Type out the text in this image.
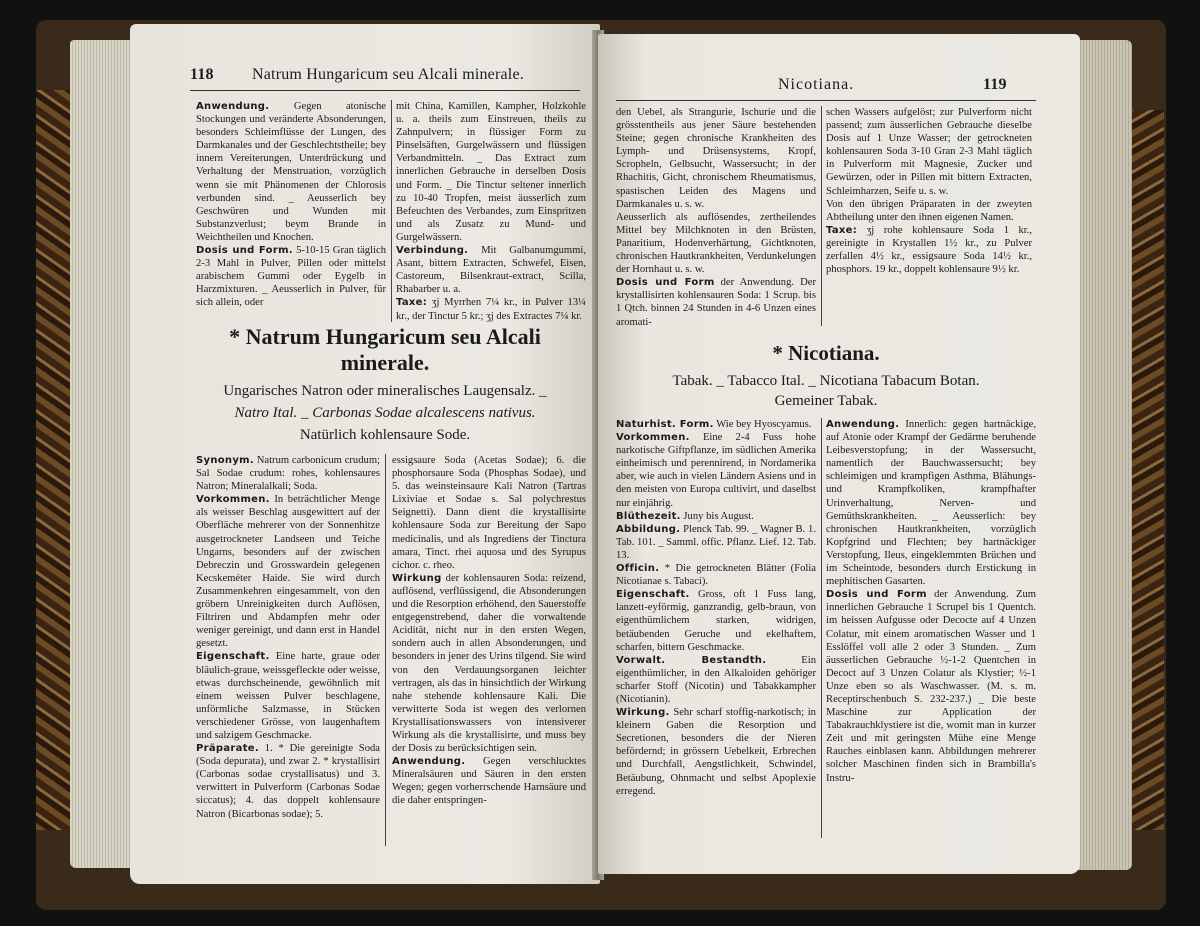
118 Natrum Hungaricum seu Alcali minerale.

Anwendung. Gegen atonische Stockungen und veränderte Absonderungen, besonders Schleimflüsse der Lungen, des Darmkanales und der Geschlechtstheile; bey innern Vereiterungen, Unterdrückung und Verhaltung der Menstruation, vorzüglich wenn sie mit Phänomenen der Chlorosis verbunden sind. _ Aeusserlich bey Geschwüren und Wunden mit Substanzverlust; beym Brande in Weichtheilen und Knochen.

Dosis und Form. 5-10-15 Gran täglich 2-3 Mahl in Pulver, Pillen oder mittelst arabischem Gummi oder Eygelb in Harzmixturen. _ Aeusserlich in Pulver, für sich allein, oder

mit China, Kamillen, Kampher, Holzkohle u. a. theils zum Einstreuen, theils zu Zahnpulvern; in flüssiger Form zu Pinselsäften, Gurgelwässern und flüssigen Verbandmitteln. _ Das Extract zum innerlichen Gebrauche in derselben Dosis und Form. _ Die Tinctur seltener innerlich zu 10-40 Tropfen, meist äusserlich zum Befeuchten des Verbandes, zum Einspritzen und als Zusatz zu Mund- und Gurgelwässern.

Verbindung. Mit Galbanumgummi, Asant, bittern Extracten, Schwefel, Eisen, Castoreum, Bilsenkraut-extract, Scilla, Rhabarber u. a.

Taxe: ʒj Myrrhen 7¼ kr., in Pulver 13¼ kr., der Tinctur 5 kr.; ʒj des Extractes 7¼ kr.

* Natrum Hungaricum seu Alcali minerale.
Ungarisches Natron oder mineralisches Laugensalz. _
Natro Ital. _ Carbonas Sodae alcalescens nativus.
Natürlich kohlensaure Sode.

Synonym. Natrum carbonicum crudum; Sal Sodae crudum: rohes, kohlensaures Natron; Mineralalkali; Soda.

Vorkommen. In beträchtlicher Menge als weisser Beschlag ausgewittert auf der Oberfläche mehrerer von der Sonnenhitze ausgetrockneter Landseen und Teiche Ungarns, besonders auf der zwischen Debreczin und Grosswardein gelegenen Kecskeméter Haide. Sie wird durch Zusammenkehren eingesammelt, von den gröbern Unreinigkeiten durch Auflösen, Filtriren und Abdampfen mehr oder weniger gereinigt, und dann erst in Handel gesetzt.

Eigenschaft. Eine harte, graue oder bläulich-graue, weissgefleckte oder weisse, etwas durchscheinende, gewöhnlich mit einem weissen Pulver beschlagene, unförmliche Salzmasse, in Stücken verschiedener Grösse, von laugenhaftem und salzigem Geschmacke.

Präparate. 1. * Die gereinigte Soda (Soda depurata), und zwar 2. * krystallisirt (Carbonas sodae crystallisatus) und 3. verwittert in Pulverform (Carbonas Sodae siccatus); 4. das doppelt kohlensaure Natron (Bicarbonas sodae); 5.

essigsaure Soda (Acetas Sodae); 6. die phosphorsaure Soda (Phosphas Sodae), und 5. das weinsteinsaure Kali Natron (Tartras Lixiviae et Sodae s. Sal polychrestus Seignetti). Dann dient die krystallisirte kohlensaure Soda zur Bereitung der Sapo medicinalis, und als Ingrediens der Tinctura amara, Tinct. rhei aquosa und des Syrupus cichor. c. rheo.

Wirkung der kohlensauren Soda: reizend, auflösend, verflüssigend, die Absonderungen und die Resorption erhöhend, den Sauerstoffe entgegenstrebend, daher die vorwaltende Acidität, nicht nur in den ersten Wegen, sondern auch in allen Absonderungen, und besonders in jener des Urins tilgend. Sie wird von den Verdauungsorganen leichter vertragen, als das in hinsichtlich der Wirkung nahe stehende kohlensaure Kali. Die verwitterte Soda ist wegen des verlornen Krystallisationswassers von intensiverer Wirkung als die krystallisirte, und muss bey der Dosis zu berücksichtigen sein.

Anwendung. Gegen verschlucktes Mineralsäuren und Säuren in den ersten Wegen; gegen vorherrschende Harnsäure und die daher entspringen-

Nicotiana.	119

den Uebel, als Strangurie, Ischurie und die grösstentheils aus jener Säure bestehenden Steine; gegen chronische Krankheiten des Lymph- und Drüsensystems, Kropf, Scropheln, Gelbsucht, Wassersucht; in der Rhachitis, Gicht, chronischem Rheumatismus, spastischen Leiden des Magens und Darmkanales u. s. w.

Aeusserlich als auflösendes, zertheilendes Mittel bey Milchknoten in den Brüsten, Panaritium, Hodenverhärtung, Gichtknoten, chronischen Hautkrankheiten, Verdunkelungen der Hornhaut u. s. w.

Dosis und Form der Anwendung. Der krystallisirten kohlensauren Soda: 1 Scrup. bis 1 Qtch. binnen 24 Stunden in 4-6 Unzen eines aromati-

schen Wassers aufgelöst; zur Pulverform nicht passend; zum äusserlichen Gebrauche dieselbe Dosis auf 1 Unze Wasser; der getrockneten kohlensauren Soda 3-10 Gran 2-3 Mahl täglich in Pulverform mit Magnesie, Zucker und Gewürzen, oder in Pillen mit bittern Extracten, Schleimharzen, Seife u. s. w.

Von den übrigen Präparaten in der zweyten Abtheilung unter den ihnen eigenen Namen.

Taxe: ʒj rohe kohlensaure Soda 1 kr., gereinigte in Krystallen 1½ kr., zu Pulver zerfallen 4½ kr., essigsaure Soda 14½ kr., phosphors. 19 kr., doppelt kohlensaure 9½ kr.

* Nicotiana.
Tabak. _ Tabacco Ital. _ Nicotiana Tabacum Botan.
Gemeiner Tabak.

Naturhist. Form. Wie bey Hyoscyamus.

Vorkommen. Eine 2-4 Fuss hohe narkotische Giftpflanze, im südlichen Amerika einheimisch und perennirend, in Nordamerika aber, wie auch in vielen Ländern Asiens und in den meisten von Europa cultivirt, und daselbst nur einjährig.

Blüthezeit. Juny bis August.

Abbildung. Plenck Tab. 99. _ Wagner B. 1. Tab. 101. _ Samml. offic. Pflanz. Lief. 12. Tab. 13.

Officin. * Die getrockneten Blätter (Folia Nicotianae s. Tabaci).

Eigenschaft. Gross, oft 1 Fuss lang, lanzett-eyförmig, ganzrandig, gelb-braun, von eigenthümlichem starken, widrigen, betäubenden Geruche und ekelhaftem, scharfen, bittern Geschmacke.

Vorwalt. Bestandth.	Ein eigenthümlicher, in den Alkaloiden gehöriger scharfer Stoff (Nicotin) und Tabakkampher (Nicotianin).

Wirkung. Sehr scharf stoffig-narkotisch; in kleinern Gaben die Resorption und Secretionen, besonders die der Nieren befördernd; in grössern Uebelkeit, Erbrechen und Durchfall, Aengstlichkeit, Schwindel, Betäubung, Ohnmacht und selbst Apoplexie erregend.

Anwendung. Innerlich: gegen hartnäckige, auf Atonie oder Krampf der Gedärme beruhende Leibesverstopfung; in der Wassersucht, namentlich der Bauchwassersucht; bey schleimigen und krampfigen Asthma, Blähungs- und Krampfkoliken, krampfhafter Urinverhaltung, Nerven- und Gemüthskrankheiten. _ Aeusserlich: bey chronischen Hautkrankheiten, vorzüglich Kopfgrind und Flechten; bey hartnäckiger Verstopfung, Ileus, eingeklemmten Brüchen und im Scheintode, besonders durch Erstickung in mephitischen Gasarten.

Dosis und Form der Anwendung. Zum innerlichen Gebrauche 1 Scrupel bis 1 Quentch. im heissen Aufgusse oder Decocte auf 4 Unzen Colatur, mit einem aromatischen Wasser und 1 Esslöffel voll alle 2 oder 3 Stunden. _ Zum äusserlichen Gebrauche ½-1-2 Quentchen in Decoct auf 3 Unzen Colatur als Klystier; ½-1 Unze eben so als Waschwasser. (M. s. m. Receptirschenbuch S. 232-237.) _ Die beste Maschine zur Application der Tabakrauchklystiere ist die, womit man in kurzer Zeit und mit geringsten Mühe eine Menge Rauches einblasen kann. Abbildungen mehrerer solcher Maschinen finden sich in Brambilla's Instru-
